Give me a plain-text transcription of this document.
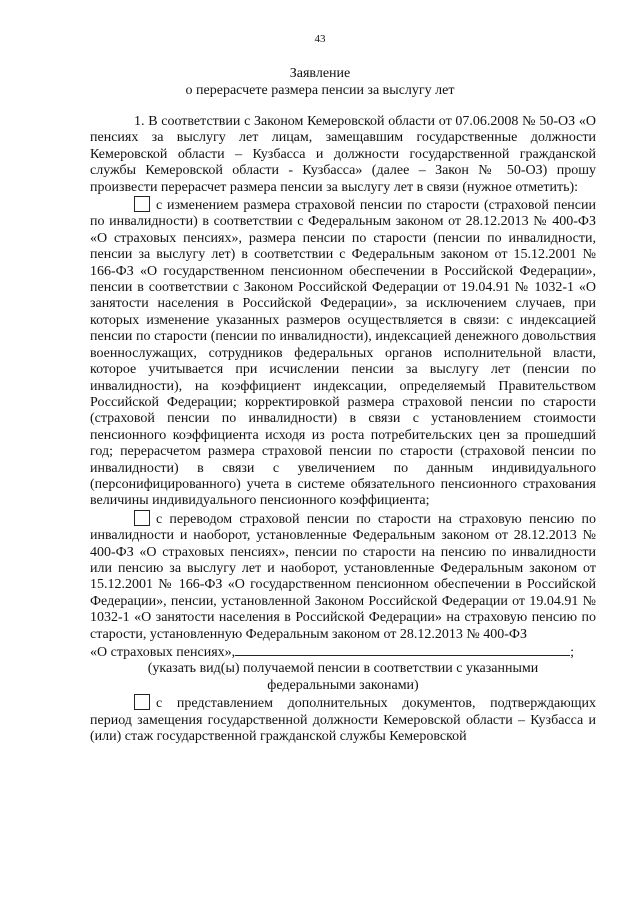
43
Заявление
о перерасчете размера пенсии за выслугу лет

1. В соответствии с Законом Кемеровской области от 07.06.2008 № 50-ОЗ «О пенсиях за выслугу лет лицам, замещавшим государственные должности Кемеровской области – Кузбасса и должности государственной гражданской службы Кемеровской области - Кузбасса» (далее – Закон № 50-ОЗ) прошу произвести перерасчет размера пенсии за выслугу лет в связи (нужное отметить):

с изменением размера страховой пенсии по старости (страховой пенсии по инвалидности) в соответствии с Федеральным законом от 28.12.2013 № 400-ФЗ «О страховых пенсиях», размера пенсии по старости (пенсии по инвалидности, пенсии за выслугу лет) в соответствии с Федеральным законом от 15.12.2001 № 166-ФЗ «О государственном пенсионном обеспечении в Российской Федерации», пенсии в соответствии с Законом Российской Федерации от 19.04.91 № 1032-1 «О занятости населения в Российской Федерации», за исключением случаев, при которых изменение указанных размеров осуществляется в связи: с индексацией пенсии по старости (пенсии по инвалидности), индексацией денежного довольствия военнослужащих, сотрудников федеральных органов исполнительной власти, которое учитывается при исчислении пенсии за выслугу лет (пенсии по инвалидности), на коэффициент индексации, определяемый Правительством Российской Федерации; корректировкой размера страховой пенсии по старости (страховой пенсии по инвалидности) в связи с установлением стоимости пенсионного коэффициента исходя из роста потребительских цен за прошедший год; перерасчетом размера страховой пенсии по старости (страховой пенсии по инвалидности) в связи с увеличением по данным индивидуального (персонифицированного) учета в системе обязательного пенсионного страхования величины индивидуального пенсионного коэффициента;

с переводом страховой пенсии по старости на страховую пенсию по инвалидности и наоборот, установленные Федеральным законом от 28.12.2013 № 400-ФЗ «О страховых пенсиях», пенсии по старости на пенсию по инвалидности или пенсию за выслугу лет и наоборот, установленные Федеральным законом от 15.12.2001 № 166-ФЗ «О государственном пенсионном обеспечении в Российской Федерации», пенсии, установленной Законом Российской Федерации от 19.04.91 № 1032-1 «О занятости населения в Российской Федерации» на страховую пенсию по старости, установленную Федеральным законом от 28.12.2013 № 400-ФЗ

«О страховых пенсиях»,	;

(указать вид(ы) получаемой пенсии в соответствии с указанными

федеральными законами)

с представлением дополнительных документов, подтверждающих период замещения государственной должности Кемеровской области – Кузбасса и (или) стаж государственной гражданской службы Кемеровской
